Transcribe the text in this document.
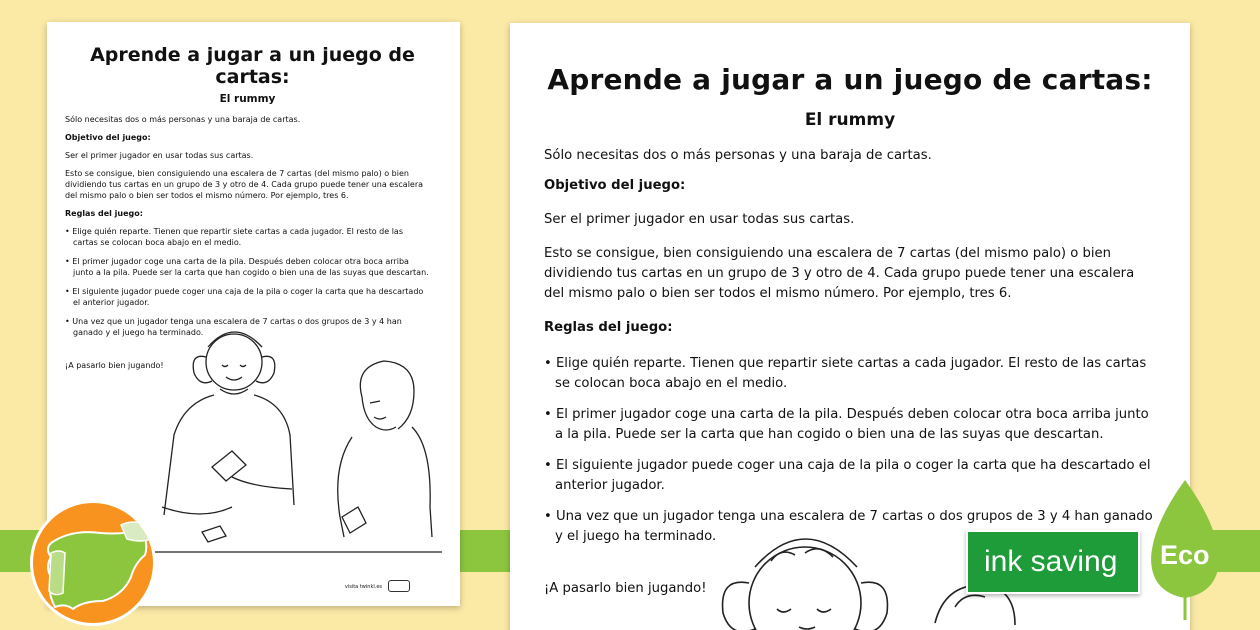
Aprende a jugar a un juego de cartas:
El rummy

Sólo necesitas dos o más personas y una baraja de cartas.

Objetivo del juego:

Ser el primer jugador en usar todas sus cartas.

Esto se consigue, bien consiguiendo una escalera de 7 cartas (del mismo palo) o bien dividiendo tus cartas en un grupo de 3 y otro de 4. Cada grupo puede tener una escalera del mismo palo o bien ser todos el mismo número. Por ejemplo, tres 6.

Reglas del juego:

• Elige quién reparte. Tienen que repartir siete cartas a cada jugador. El resto de las cartas se colocan boca abajo en el medio.
• El primer jugador coge una carta de la pila. Después deben colocar otra boca arriba junto a la pila. Puede ser la carta que han cogido o bien una de las suyas que descartan.
• El siguiente jugador puede coger una caja de la pila o coger la carta que ha descartado el anterior jugador.
• Una vez que un jugador tenga una escalera de 7 cartas o dos grupos de 3 y 4 han ganado y el juego ha terminado.

¡A pasarlo bien jugando!

visita twinkl.es
Aprende a jugar a un juego de cartas:
El rummy

Sólo necesitas dos o más personas y una baraja de cartas.

Objetivo del juego:

Ser el primer jugador en usar todas sus cartas.

Esto se consigue, bien consiguiendo una escalera de 7 cartas (del mismo palo) o bien dividiendo tus cartas en un grupo de 3 y otro de 4. Cada grupo puede tener una escalera del mismo palo o bien ser todos el mismo número. Por ejemplo, tres 6.

Reglas del juego:

• Elige quién reparte. Tienen que repartir siete cartas a cada jugador. El resto de las cartas se colocan boca abajo en el medio.
• El primer jugador coge una carta de la pila. Después deben colocar otra boca arriba junto a la pila. Puede ser la carta que han cogido o bien una de las suyas que descartan.
• El siguiente jugador puede coger una caja de la pila o coger la carta que ha descartado el anterior jugador.
• Una vez que un jugador tenga una escalera de 7 cartas o dos grupos de 3 y 4 han ganado y el juego ha terminado.

¡A pasarlo bien jugando!

ink saving Eco
